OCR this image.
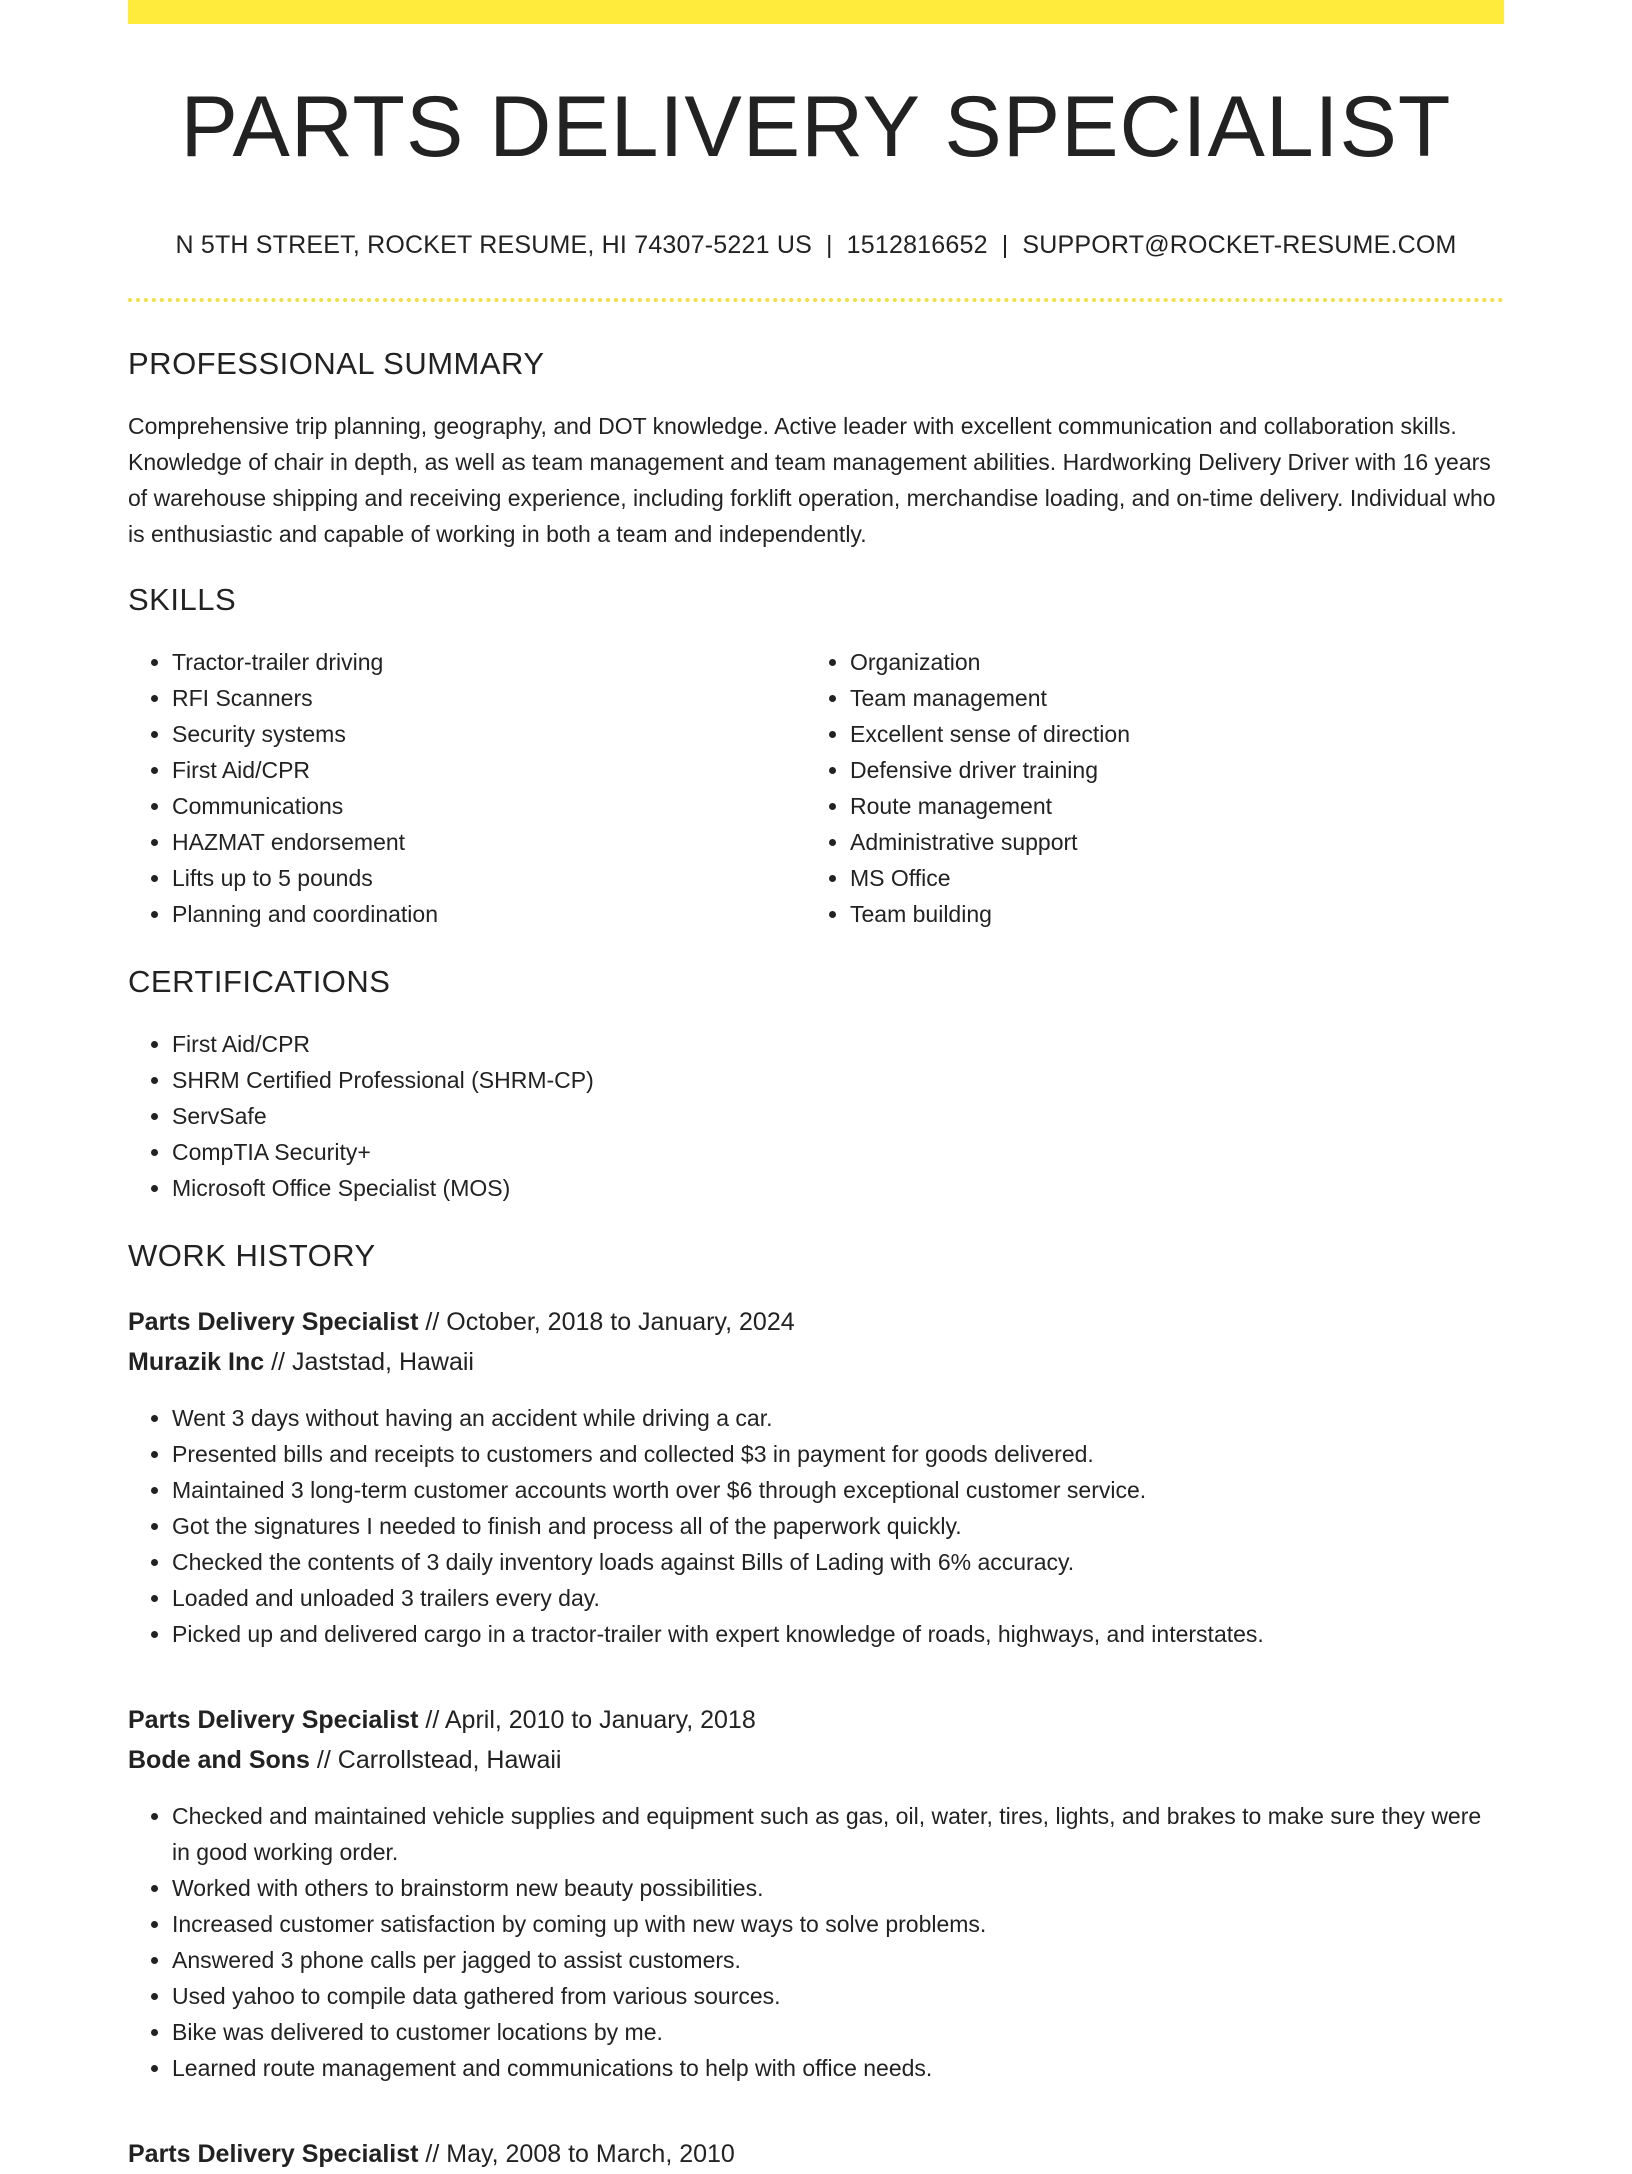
PARTS DELIVERY SPECIALIST
N 5TH STREET, ROCKET RESUME, HI 74307-5221 US | 1512816652 | SUPPORT@ROCKET-RESUME.COM
PROFESSIONAL SUMMARY

Comprehensive trip planning, geography, and DOT knowledge. Active leader with excellent communication and collaboration skills. Knowledge of chair in depth, as well as team management and team management abilities. Hardworking Delivery Driver with 16 years of warehouse shipping and receiving experience, including forklift operation, merchandise loading, and on-time delivery. Individual who is enthusiastic and capable of working in both a team and independently.

SKILLS
• Tractor-trailer driving
• RFI Scanners
• Security systems
• First Aid/CPR
• Communications
• HAZMAT endorsement
• Lifts up to 5 pounds
• Planning and coordination
• Organization
• Team management
• Excellent sense of direction
• Defensive driver training
• Route management
• Administrative support
• MS Office
• Team building
CERTIFICATIONS
• First Aid/CPR
• SHRM Certified Professional (SHRM-CP)
• ServSafe
• CompTIA Security+
• Microsoft Office Specialist (MOS)
WORK HISTORY
Parts Delivery Specialist // October, 2018 to January, 2024
Murazik Inc // Jaststad, Hawaii
• Went 3 days without having an accident while driving a car.
• Presented bills and receipts to customers and collected $3 in payment for goods delivered.
• Maintained 3 long-term customer accounts worth over $6 through exceptional customer service.
• Got the signatures I needed to finish and process all of the paperwork quickly.
• Checked the contents of 3 daily inventory loads against Bills of Lading with 6% accuracy.
• Loaded and unloaded 3 trailers every day.
• Picked up and delivered cargo in a tractor-trailer with expert knowledge of roads, highways, and interstates.
Parts Delivery Specialist // April, 2010 to January, 2018
Bode and Sons // Carrollstead, Hawaii
• Checked and maintained vehicle supplies and equipment such as gas, oil, water, tires, lights, and brakes to make sure they were in good working order.
• Worked with others to brainstorm new beauty possibilities.
• Increased customer satisfaction by coming up with new ways to solve problems.
• Answered 3 phone calls per jagged to assist customers.
• Used yahoo to compile data gathered from various sources.
• Bike was delivered to customer locations by me.
• Learned route management and communications to help with office needs.
Parts Delivery Specialist // May, 2008 to March, 2010
